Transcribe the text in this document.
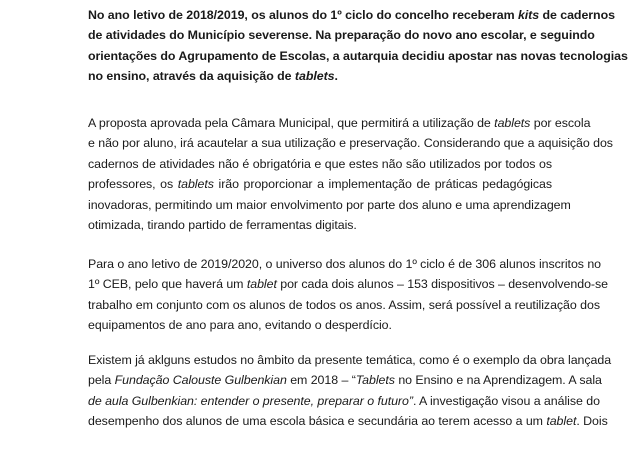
No ano letivo de 2018/2019, os alunos do 1º ciclo do concelho receberam kits de cadernos
de atividades do Município severense. Na preparação do novo ano escolar, e seguindo
orientações do Agrupamento de Escolas, a autarquia decidiu apostar nas novas tecnologias
no ensino, através da aquisição de tablets.
A proposta aprovada pela Câmara Municipal, que permitirá a utilização de tablets por escola
e não por aluno, irá acautelar a sua utilização e preservação. Considerando que a aquisição dos
cadernos de atividades não é obrigatória e que estes não são utilizados por todos os
professores, os tablets irão proporcionar a implementação de práticas pedagógicas
inovadoras, permitindo um maior envolvimento por parte dos aluno e uma aprendizagem
otimizada, tirando partido de ferramentas digitais.
Para o ano letivo de 2019/2020, o universo dos alunos do 1º ciclo é de 306 alunos inscritos no
1º CEB, pelo que haverá um tablet por cada dois alunos – 153 dispositivos – desenvolvendo-se
trabalho em conjunto com os alunos de todos os anos. Assim, será possível a reutilização dos
equipamentos de ano para ano, evitando o desperdício.
Existem já aklguns estudos no âmbito da presente temática, como é o exemplo da obra lançada
pela Fundação Calouste Gulbenkian em 2018 – “Tablets no Ensino e na Aprendizagem. A sala
de aula Gulbenkian: entender o presente, preparar o futuro”. A investigação visou a análise do
desempenho dos alunos de uma escola básica e secundária ao terem acesso a um tablet. Dois
